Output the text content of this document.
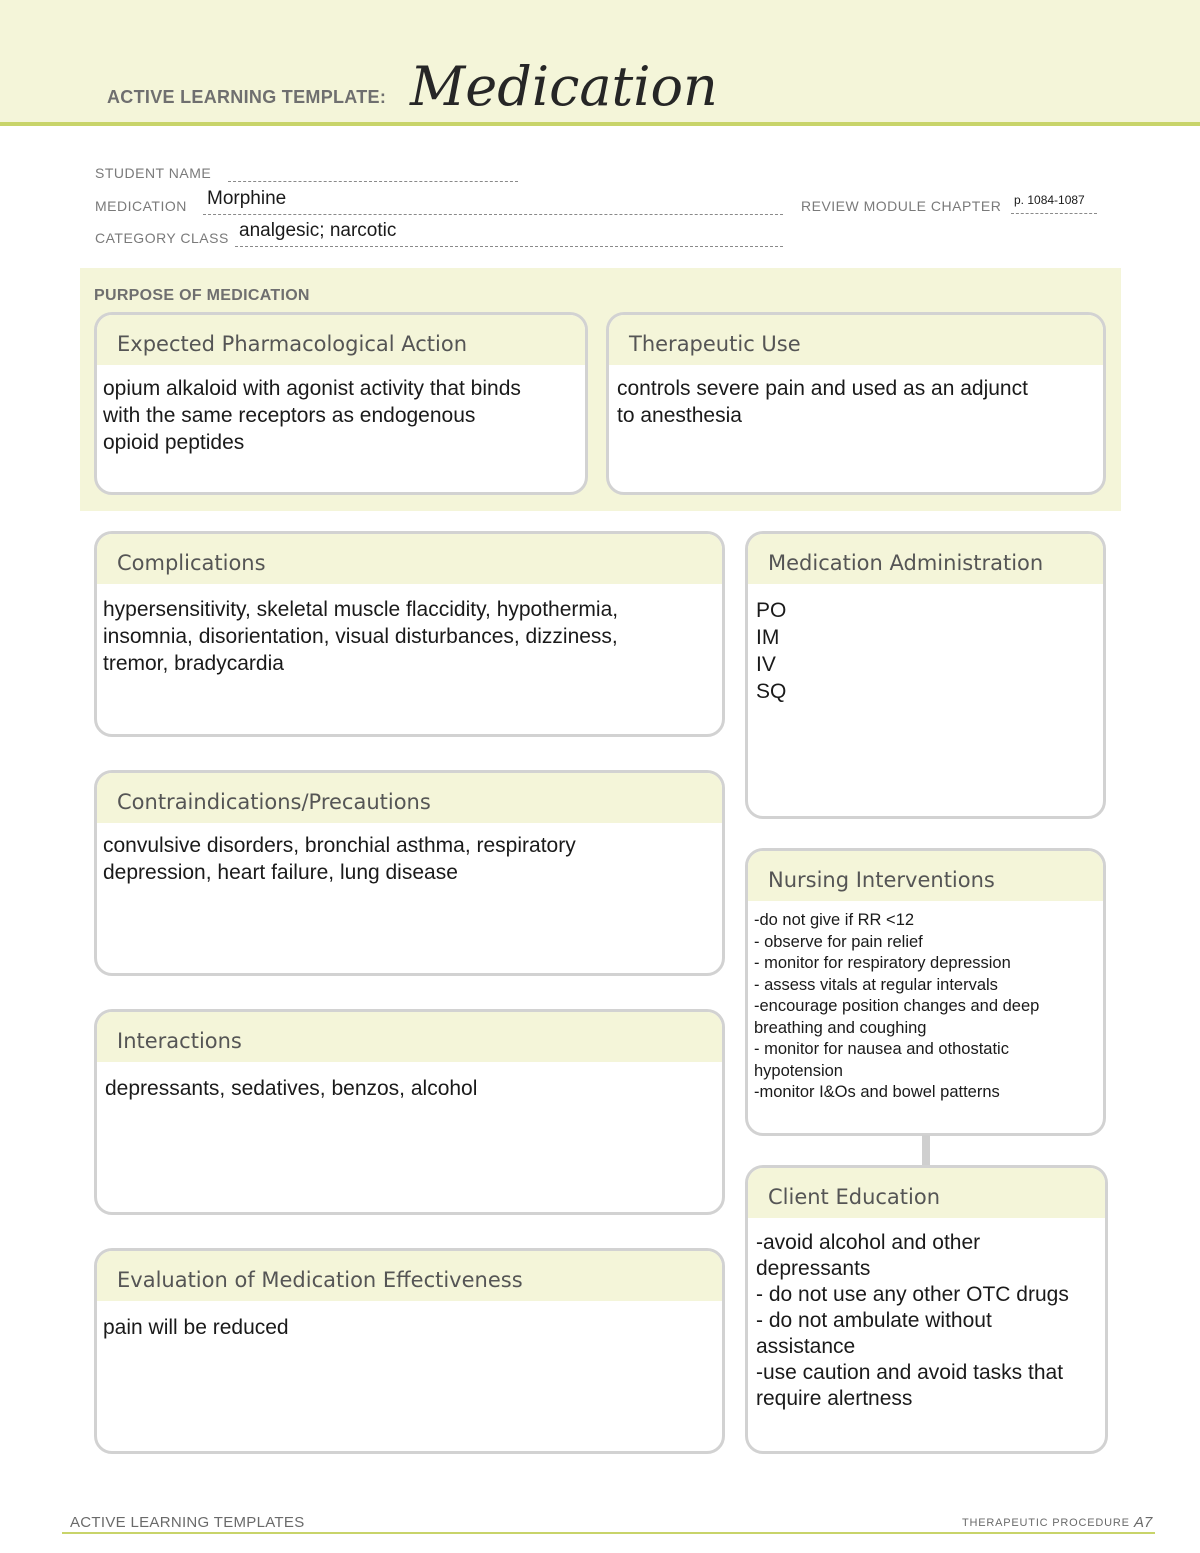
ACTIVE LEARNING TEMPLATE: Medication
STUDENT NAME
MEDICATION Morphine	REVIEW MODULE CHAPTER p. 1084-1087
CATEGORY CLASS analgesic; narcotic
PURPOSE OF MEDICATION
Expected Pharmacological Action
opium alkaloid with agonist activity that binds
with the same receptors as endogenous
opioid peptides
Therapeutic Use
controls severe pain and used as an adjunct
to anesthesia
Complications
hypersensitivity, skeletal muscle flaccidity, hypothermia,
insomnia, disorientation, visual disturbances, dizziness,
tremor, bradycardia
Contraindications/Precautions
convulsive disorders, bronchial asthma, respiratory
depression, heart failure, lung disease
Interactions
depressants, sedatives, benzos, alcohol
Evaluation of Medication Effectiveness
pain will be reduced
Medication Administration
PO
IM
IV
SQ
Nursing Interventions
-do not give if RR <12
- observe for pain relief
- monitor for respiratory depression
- assess vitals at regular intervals
-encourage position changes and deep
breathing and coughing
- monitor for nausea and othostatic
hypotension
-monitor I&Os and bowel patterns
Client Education
-avoid alcohol and other
depressants
- do not use any other OTC drugs
- do not ambulate without
assistance
-use caution and avoid tasks that
require alertness
ACTIVE LEARNING TEMPLATES	THERAPEUTIC PROCEDURE A7
